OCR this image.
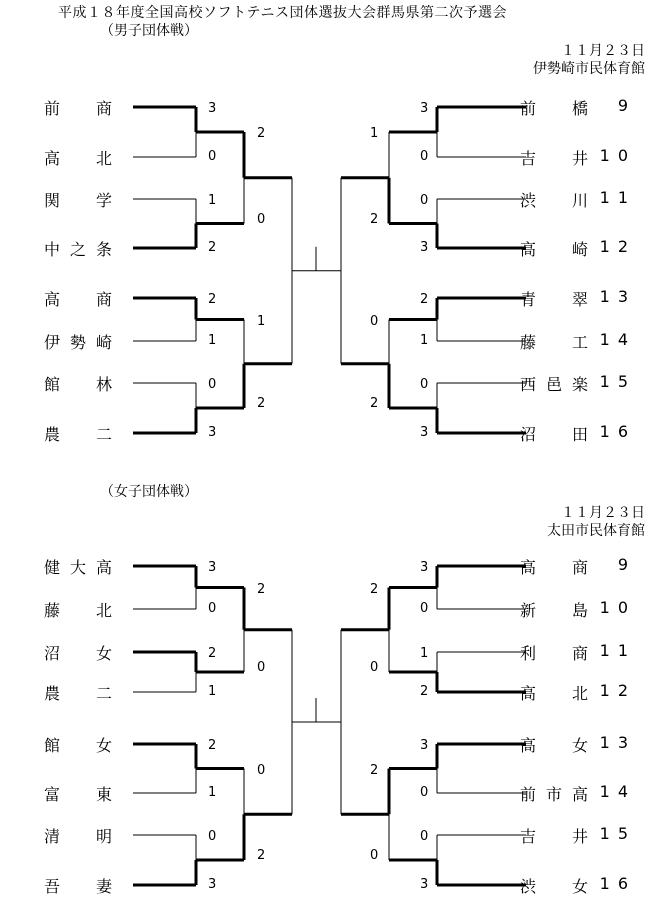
平成１８年度全国高校ソフトテニス団体選抜大会群馬県第二次予選会
（男子団体戦）
１１月２３日
伊勢崎市民体育館
前　商
高　北
関　学
中之条
高　商
伊勢崎
館　林
農　二
前　橋	9
吉　井 10
渋　川 11
高　崎 12
青　翠 13
藤　工 14
西邑楽 15
沼　田 16
3
0
1
2
2
1
0
3
3
0
0
3
2
1
0
3
2
0
1
2
1
2
0
2
（女子団体戦）
１１月２３日
太田市民体育館
健大高
藤　北
沼　女
農　二
館　女
富　東
清　明
吾　妻
高　商	9
新　島 10
利　商 11
高　北 12
高　女 13
前市高 14
吉　井 15
渋　女 16
3
0
2
1
2
1
0
3
3
0
1
2
3
0
0
3
2
0
0
2
2
0
2
0
